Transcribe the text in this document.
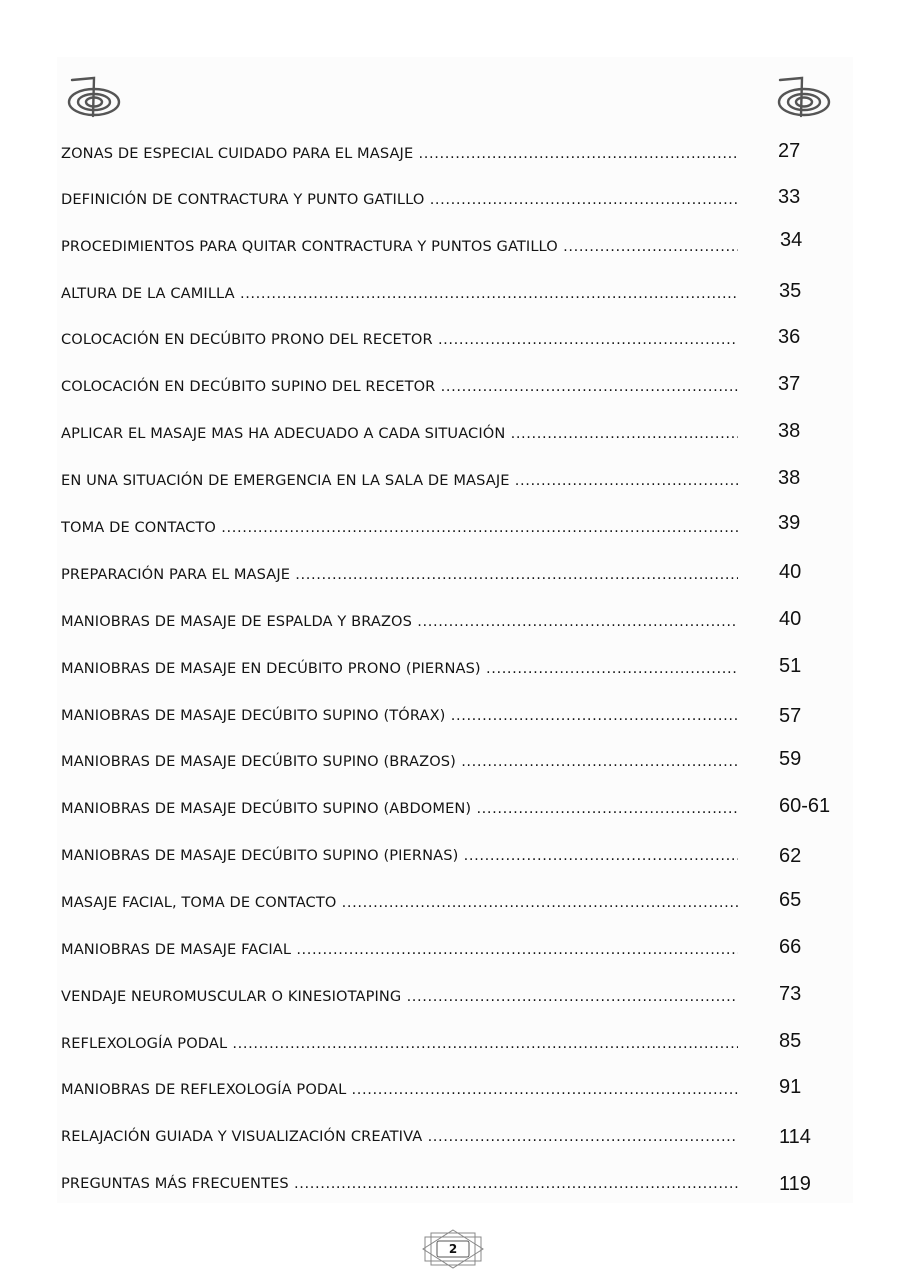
ZONAS DE ESPECIAL CUIDADO PARA EL MASAJE .....	27
DEFINICIÓN DE CONTRACTURA Y PUNTO GATILLO .....	33
PROCEDIMIENTOS PARA QUITAR CONTRACTURA Y PUNTOS GATILLO .....	34
ALTURA DE LA CAMILLA .....	35
COLOCACIÓN EN DECÚBITO PRONO DEL RECETOR .....	36
COLOCACIÓN EN DECÚBITO SUPINO DEL RECETOR .....	37
APLICAR EL MASAJE MAS HA ADECUADO A CADA SITUACIÓN .....	38
EN UNA SITUACIÓN DE EMERGENCIA EN LA SALA DE MASAJE .....	38
TOMA DE CONTACTO .....	39
PREPARACIÓN PARA EL MASAJE .....	40
MANIOBRAS DE MASAJE DE ESPALDA Y BRAZOS .....	40
MANIOBRAS DE MASAJE EN DECÚBITO PRONO (PIERNAS) .....	51
MANIOBRAS DE MASAJE DECÚBITO SUPINO (TÓRAX) .....	57
MANIOBRAS DE MASAJE DECÚBITO SUPINO (BRAZOS) .....	59
MANIOBRAS DE MASAJE DECÚBITO SUPINO (ABDOMEN) .....	60-61
MANIOBRAS DE MASAJE DECÚBITO SUPINO (PIERNAS) .....	62
MASAJE FACIAL, TOMA DE CONTACTO .....	65
MANIOBRAS DE MASAJE FACIAL .....	66
VENDAJE NEUROMUSCULAR O KINESIOTAPING .....	73
REFLEXOLOGÍA PODAL .....	85
MANIOBRAS DE REFLEXOLOGÍA PODAL .....	91
RELAJACIÓN GUIADA Y VISUALIZACIÓN CREATIVA .....	114
PREGUNTAS MÁS FRECUENTES .....	119
2
